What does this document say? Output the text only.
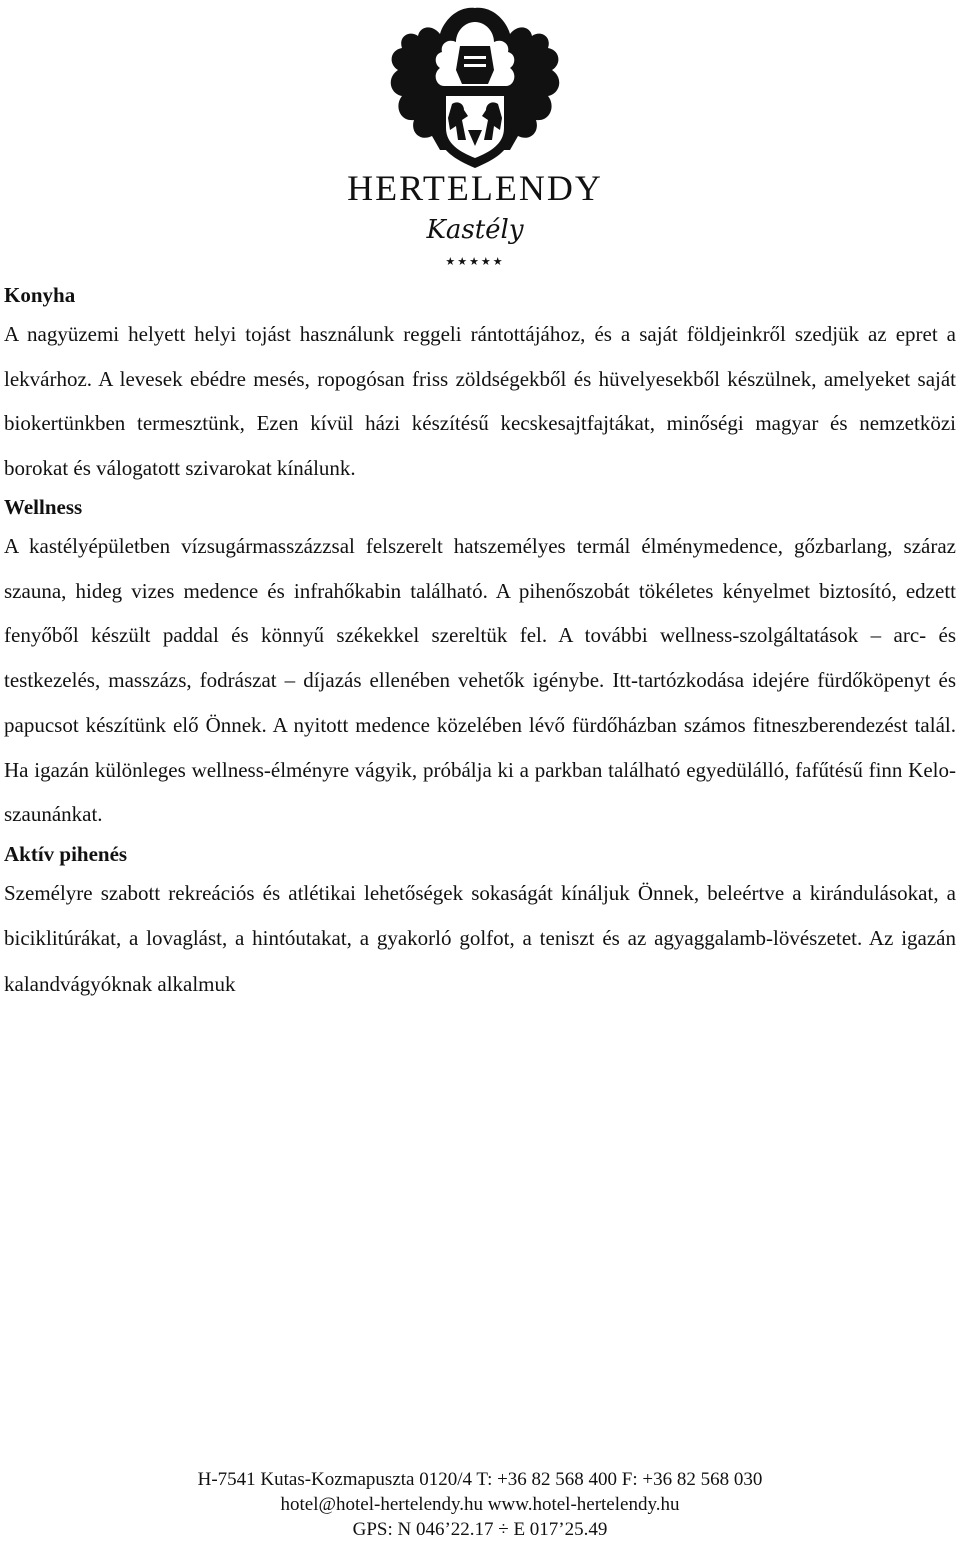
HERTELENDY
Kastély
★★★★★
Konyha

A nagyüzemi helyett helyi tojást használunk reggeli rántottájához, és a saját földjeinkről szedjük az epret a lekvárhoz. A levesek ebédre mesés, ropogósan friss zöldségekből és hüvelyesekből készülnek, amelyeket saját biokertünkben termesztünk, Ezen kívül házi készítésű kecskesajtfajtákat, minőségi magyar és nemzetközi borokat és válogatott szivarokat kínálunk.

Wellness

A kastélyépületben vízsugármasszázzsal felszerelt hatszemélyes termál élménymedence, gőzbarlang, száraz szauna, hideg vizes medence és infrahőkabin található. A pihenőszobát tökéletes kényelmet biztosító, edzett fenyőből készült paddal és könnyű székekkel szereltük fel. A további wellness-szolgáltatások – arc- és testkezelés, masszázs, fodrászat – díjazás ellenében vehetők igénybe. Itt-tartózkodása idejére fürdőköpenyt és papucsot készítünk elő Önnek. A nyitott medence közelében lévő fürdőházban számos fitneszberendezést talál. Ha igazán különleges wellness-élményre vágyik, próbálja ki a parkban található egyedülálló, fafűtésű finn Kelo-szaunánkat.

Aktív pihenés

Személyre szabott rekreációs és atlétikai lehetőségek sokaságát kínáljuk Önnek, beleértve a kirándulásokat, a biciklitúrákat, a lovaglást, a hintóutakat, a gyakorló golfot, a teniszt és az agyaggalamb-lövészetet. Az igazán kalandvágyóknak alkalmuk

H-7541 Kutas-Kozmapuszta 0120/4 T: +36 82 568 400 F: +36 82 568 030
hotel@hotel-hertelendy.hu www.hotel-hertelendy.hu
GPS: N 046’22.17 ÷ E 017’25.49
